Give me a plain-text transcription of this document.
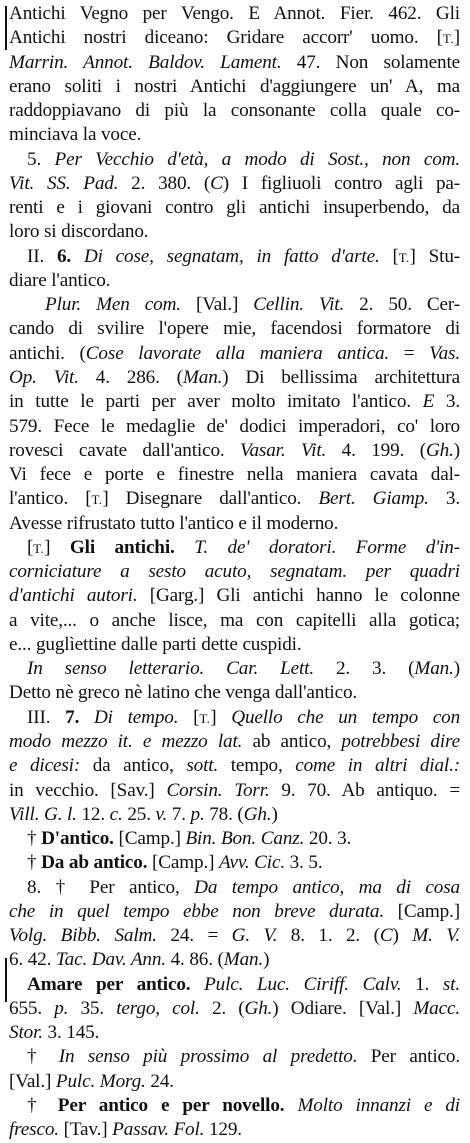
Antichi Vegno per Vengo. E Annot. Fier. 462. Gli
Antichi nostri diceano: Gridare accorr' uomo. [T.]
Marrin. Annot. Baldov. Lament. 47. Non solamente
erano soliti i nostri Antichi d'aggiungere un' A, ma
raddoppiavano di più la consonante colla quale co-
minciava la voce.
5. Per Vecchio d'età, a modo di Sost., non com.
Vit. SS. Pad. 2. 380. (C) I figliuoli contro agli pa-
renti e i giovani contro gli antichi insuperbendo, da
loro si discordano.
II. 6. Di cose, segnatam, in fatto d'arte. [T.] Stu-
diare l'antico.
Plur. Men com. [Val.] Cellin. Vit. 2. 50. Cer-
cando di svilire l'opere mie, facendosi formatore di
antichi. (Cose lavorate alla maniera antica. = Vas.
Op. Vit. 4. 286. (Man.) Di bellissima architettura
in tutte le parti per aver molto imitato l'antico. E 3.
579. Fece le medaglie de' dodici imperadori, co' loro
rovesci cavate dall'antico. Vasar. Vit. 4. 199. (Gh.)
Vi fece e porte e finestre nella maniera cavata dal-
l'antico. [T.] Disegnare dall'antico. Bert. Giamp. 3.
Avesse rifrustato tutto l'antico e il moderno.
[T.] Gli antichi. T. de' doratori. Forme d'in-
corniciature a sesto acuto, segnatam. per quadri
d'antichi autori. [Garg.] Gli antichi hanno le colonne
a vite,... o anche lisce, ma con capitelli alla gotica;
e... guglìettine dalle parti dette cuspidi.
In senso letterario. Car. Lett. 2. 3. (Man.)
Detto nè greco nè latino che venga dall'antico.
III. 7. Di tempo. [T.] Quello che un tempo con
modo mezzo it. e mezzo lat. ab antico, potrebbesi dire
e dicesi: da antico, sott. tempo, come in altri dial.:
in vecchio. [Sav.] Corsin. Torr. 9. 70. Ab antiquo. =
Vill. G. l. 12. c. 25. v. 7. p. 78. (Gh.)
† D'antico. [Camp.] Bin. Bon. Canz. 20. 3.
† Da ab antico. [Camp.] Avv. Cic. 3. 5.
8. † Per antico, Da tempo antico, ma di cosa
che in quel tempo ebbe non breve durata. [Camp.]
Volg. Bibb. Salm. 24. = G. V. 8. 1. 2. (C) M. V.
6. 42. Tac. Dav. Ann. 4. 86. (Man.)
Amare per antico. Pulc. Luc. Ciriff. Calv. 1. st.
655. p. 35. tergo, col. 2. (Gh.) Odiare. [Val.] Macc.
Stor. 3. 145.
† In senso più prossimo al predetto. Per antico.
[Val.] Pulc. Morg. 24.
† Per antico e per novello. Molto innanzi e di
fresco. [Tav.] Passav. Fol. 129.
